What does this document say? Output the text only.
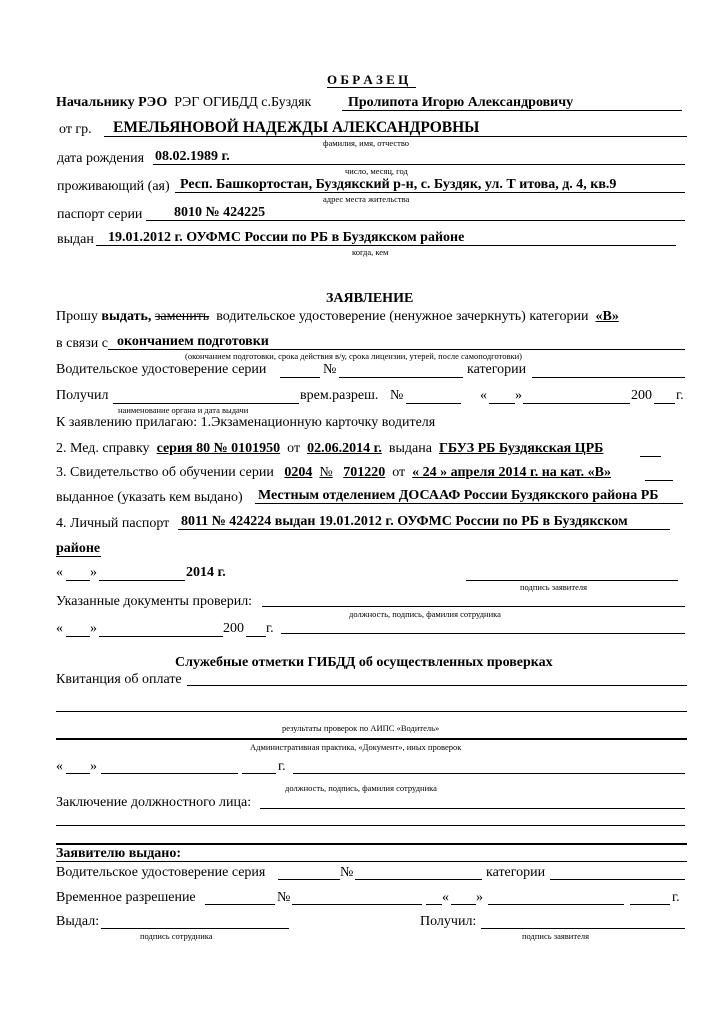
О Б Р А З Е Ц
Начальнику РЭО РЭГ ОГИБДД с.Буздяк	Пролипота Игорю Александровичу
от гр. ЕМЕЛЬЯНОВОЙ НАДЕЖДЫ АЛЕКСАНДРОВНЫ
фамилия, имя, отчество
дата рождения 08.02.1989 г.
число, месяц, год
проживающий (ая) Респ. Башкортостан, Буздякский р-н, с. Буздяк, ул. Т итова, д. 4, кв.9
адрес места жительства
паспорт серии 8010 № 424225
выдан 19.01.2012 г. ОУФМС России по РБ в Буздякском районе
когда, кем
ЗАЯВЛЕНИЕ
Прошу выдать, заменить водительское удостоверение (ненужное зачеркнуть) категории «В»
в связи с окончанием подготовки
(окончанием подготовки, срока действия в/у, срока лицензии, утерей, после самоподготовки)
Водительское удостоверение серии	№	категории
Получил	врем.разреш. №	« »	200 г.
наименование органа и дата выдачи
К заявлению прилагаю: 1.Экзаменационную карточку водителя
2. Мед. справку серия 80 № 0101950 от 02.06.2014 г. выдана ГБУЗ РБ Буздякская ЦРБ
3. Свидетельство об обучении серии 0204 № 701220 от « 24 » апреля 2014 г. на кат. «В»
выданное (указать кем выдано) Местным отделением ДОСААФ России Буздякского района РБ
4. Личный паспорт 8011 № 424224 выдан 19.01.2012 г. ОУФМС России по РБ в Буздякском
районе
« »	2014 г.
подпись заявителя
Указанные документы проверил:
должность, подпись, фамилия сотрудника
« »	200 г.
Служебные отметки ГИБДД об осуществленных проверках
Квитанция об оплате
результаты проверок по АИПС «Водитель»
Административная практика, «Документ», иных проверок
« »	г.
должность, подпись, фамилия сотрудника
Заключение должностного лица:
Заявителю выдано:
Водительское удостоверение серия	№	категории
Временное разрешение	№	« »	г.
Выдал:
подпись сотрудника
Получил:
подпись заявителя
